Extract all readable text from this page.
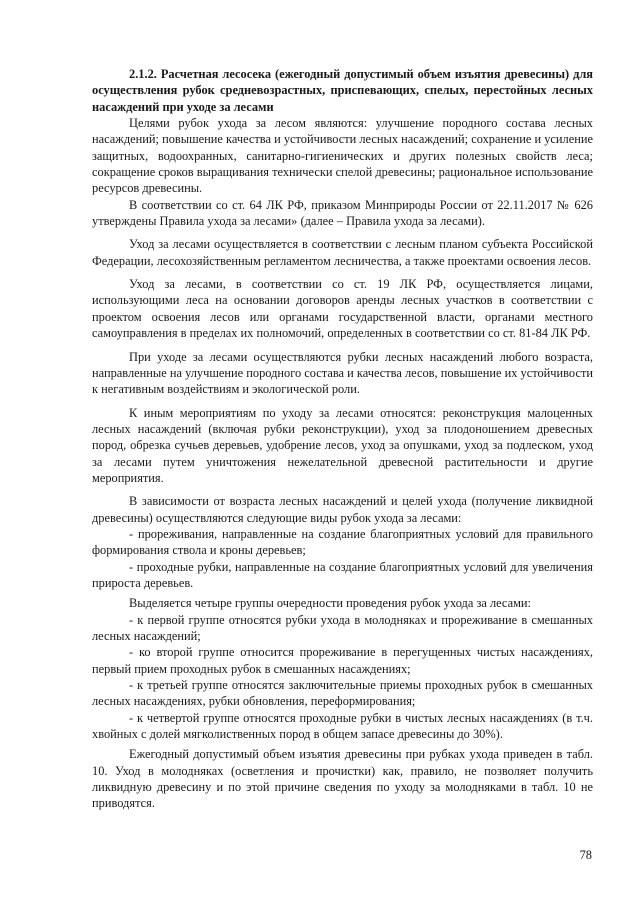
2.1.2. Расчетная лесосека (ежегодный допустимый объем изъятия древесины) для осуществления рубок средневозрастных, приспевающих, спелых, перестойных лесных насаждений при уходе за лесами

Целями рубок ухода за лесом являются: улучшение породного состава лесных насаждений; повышение качества и устойчивости лесных насаждений; сохранение и усиление защитных, водоохранных, санитарно-гигиенических и других полезных свойств леса; сокращение сроков выращивания технически спелой древесины; рациональное использование ресурсов древесины.

В соответствии со ст. 64 ЛК РФ, приказом Минприроды России от 22.11.2017 № 626 утверждены Правила ухода за лесами» (далее – Правила ухода за лесами).

Уход за лесами осуществляется в соответствии с лесным планом субъекта Российской Федерации, лесохозяйственным регламентом лесничества, а также проектами освоения лесов.

Уход за лесами, в соответствии со ст. 19 ЛК РФ, осуществляется лицами, использующими леса на основании договоров аренды лесных участков в соответствии с проектом освоения лесов или органами государственной власти, органами местного самоуправления в пределах их полномочий, определенных в соответствии со ст. 81-84 ЛК РФ.

При уходе за лесами осуществляются рубки лесных насаждений любого возраста, направленные на улучшение породного состава и качества лесов, повышение их устойчивости к негативным воздействиям и экологической роли.

К иным мероприятиям по уходу за лесами относятся: реконструкция малоценных лесных насаждений (включая рубки реконструкции), уход за плодоношением древесных пород, обрезка сучьев деревьев, удобрение лесов, уход за опушками, уход за подлеском, уход за лесами путем уничтожения нежелательной древесной растительности и другие мероприятия.

В зависимости от возраста лесных насаждений и целей ухода (получение ликвидной древесины) осуществляются следующие виды рубок ухода за лесами:

- прореживания, направленные на создание благоприятных условий для правильного формирования ствола и кроны деревьев;

- проходные рубки, направленные на создание благоприятных условий для увеличения прироста деревьев.

Выделяется четыре группы очередности проведения рубок ухода за лесами:

- к первой группе относятся рубки ухода в молодняках и прореживание в смешанных лесных насаждений;

- ко второй группе относится прореживание в перегущенных чистых насаждениях, первый прием проходных рубок в смешанных насаждениях;

- к третьей группе относятся заключительные приемы проходных рубок в смешанных лесных насаждениях, рубки обновления, переформирования;

- к четвертой группе относятся проходные рубки в чистых лесных насаждениях (в т.ч. хвойных с долей мягколиственных пород в общем запасе древесины до 30%).

Ежегодный допустимый объем изъятия древесины при рубках ухода приведен в табл. 10. Уход в молодняках (осветления и прочистки) как, правило, не позволяет получить ликвидную древесину и по этой причине сведения по уходу за молодняками в табл. 10 не приводятся.

78
